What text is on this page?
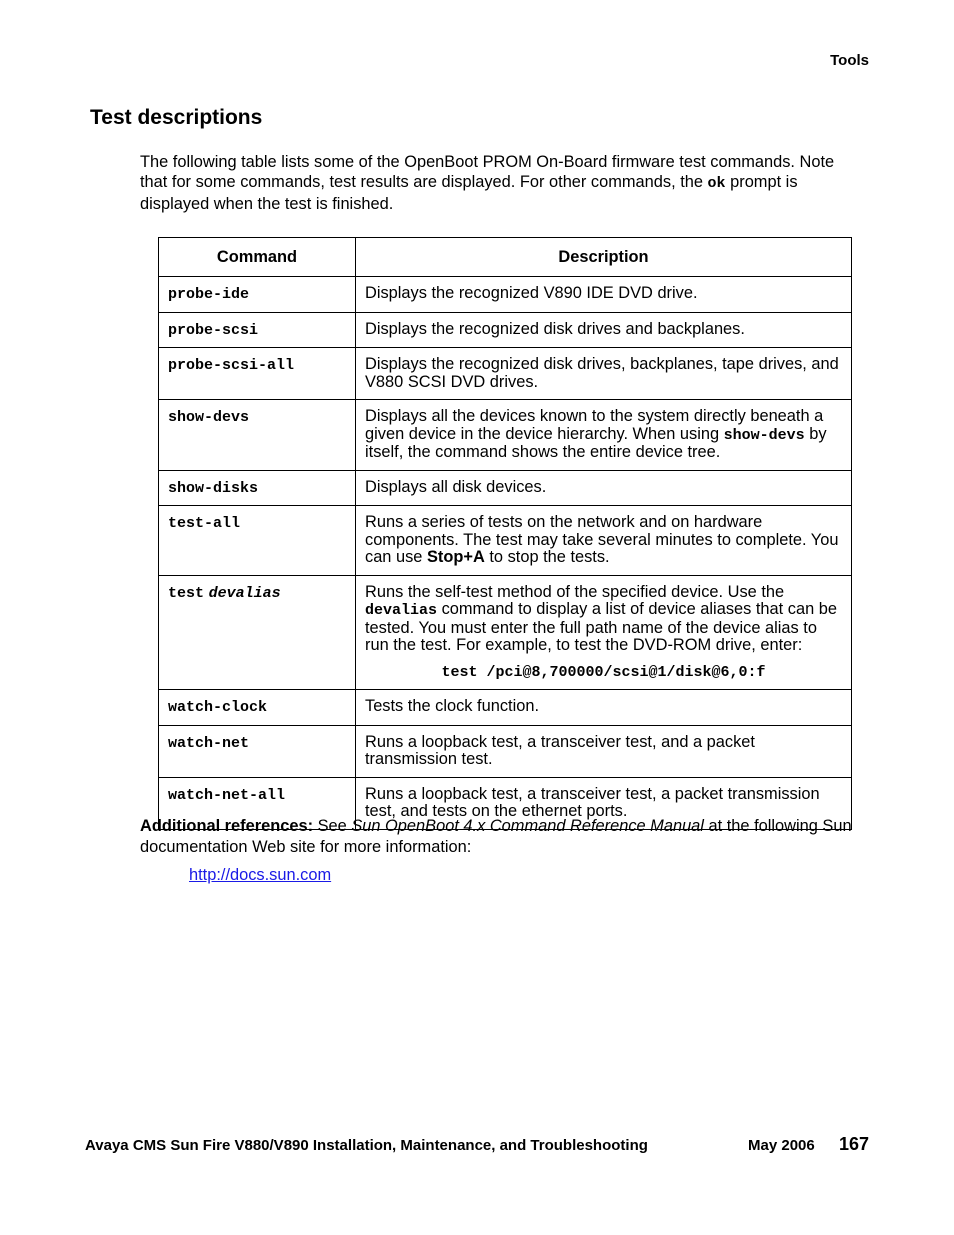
Tools
Test descriptions

The following table lists some of the OpenBoot PROM On-Board firmware test commands. Note that for some commands, test results are displayed. For other commands, the ok prompt is displayed when the test is finished.

Command	Description
probe-ide	Displays the recognized V890 IDE DVD drive.
probe-scsi	Displays the recognized disk drives and backplanes.
probe-scsi-all	Displays the recognized disk drives, backplanes, tape drives, and V880 SCSI DVD drives.
show-devs	Displays all the devices known to the system directly beneath a given device in the device hierarchy. When using show-devs by itself, the command shows the entire device tree.
show-disks	Displays all disk devices.
test-all	Runs a series of tests on the network and on hardware components. The test may take several minutes to complete. You can use Stop+A to stop the tests.
test devalias	Runs the self-test method of the specified device. Use the devalias command to display a list of device aliases that can be tested. You must enter the full path name of the device alias to run the test. For example, to test the DVD-ROM drive, enter:
test /pci@8,700000/scsi@1/disk@6,0:f

watch-clock	Tests the clock function.
watch-net	Runs a loopback test, a transceiver test, and a packet transmission test.
watch-net-all	Runs a loopback test, a transceiver test, a packet transmission test, and tests on the ethernet ports.

Additional references: See Sun OpenBoot 4.x Command Reference Manual at the following Sun documentation Web site for more information:

http://docs.sun.com
Avaya CMS Sun Fire V880/V890 Installation, Maintenance, and Troubleshooting	May 2006 167
